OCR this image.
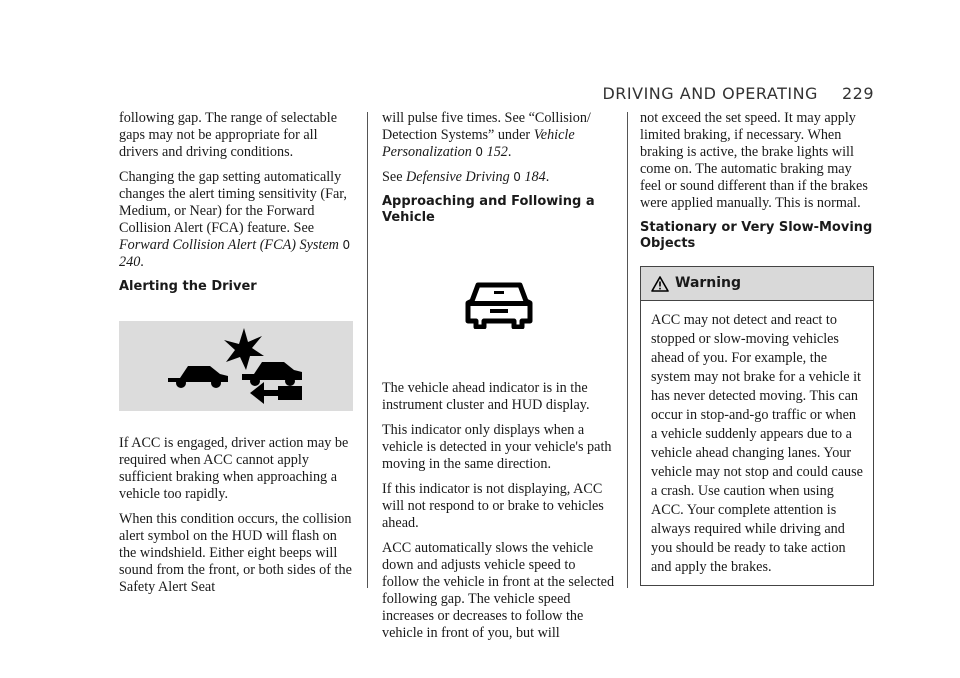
DRIVING AND OPERATING 229

following gap. The range of selectable gaps may not be appropriate for all drivers and driving conditions.

Changing the gap setting automatically changes the alert timing sensitivity (Far, Medium, or Near) for the Forward Collision Alert (FCA) feature. See Forward Collision Alert (FCA) System 0 240.

Alerting the Driver

If ACC is engaged, driver action may be required when ACC cannot apply sufficient braking when approaching a vehicle too rapidly.

When this condition occurs, the collision alert symbol on the HUD will flash on the windshield. Either eight beeps will sound from the front, or both sides of the Safety Alert Seat

will pulse five times. See “Collision/ Detection Systems” under Vehicle Personalization 0 152.

See Defensive Driving 0 184.

Approaching and Following a Vehicle

The vehicle ahead indicator is in the instrument cluster and HUD display.

This indicator only displays when a vehicle is detected in your vehicle's path moving in the same direction.

If this indicator is not displaying, ACC will not respond to or brake to vehicles ahead.

ACC automatically slows the vehicle down and adjusts vehicle speed to follow the vehicle in front at the selected following gap. The vehicle speed increases or decreases to follow the vehicle in front of you, but will

not exceed the set speed. It may apply limited braking, if necessary. When braking is active, the brake lights will come on. The automatic braking may feel or sound different than if the brakes were applied manually. This is normal.

Stationary or Very Slow-Moving Objects
Warning
ACC may not detect and react to stopped or slow-moving vehicles ahead of you. For example, the system may not brake for a vehicle it has never detected moving. This can occur in stop-and-go traffic or when a vehicle suddenly appears due to a vehicle ahead changing lanes. Your vehicle may not stop and could cause a crash. Use caution when using ACC. Your complete attention is always required while driving and you should be ready to take action and apply the brakes.
